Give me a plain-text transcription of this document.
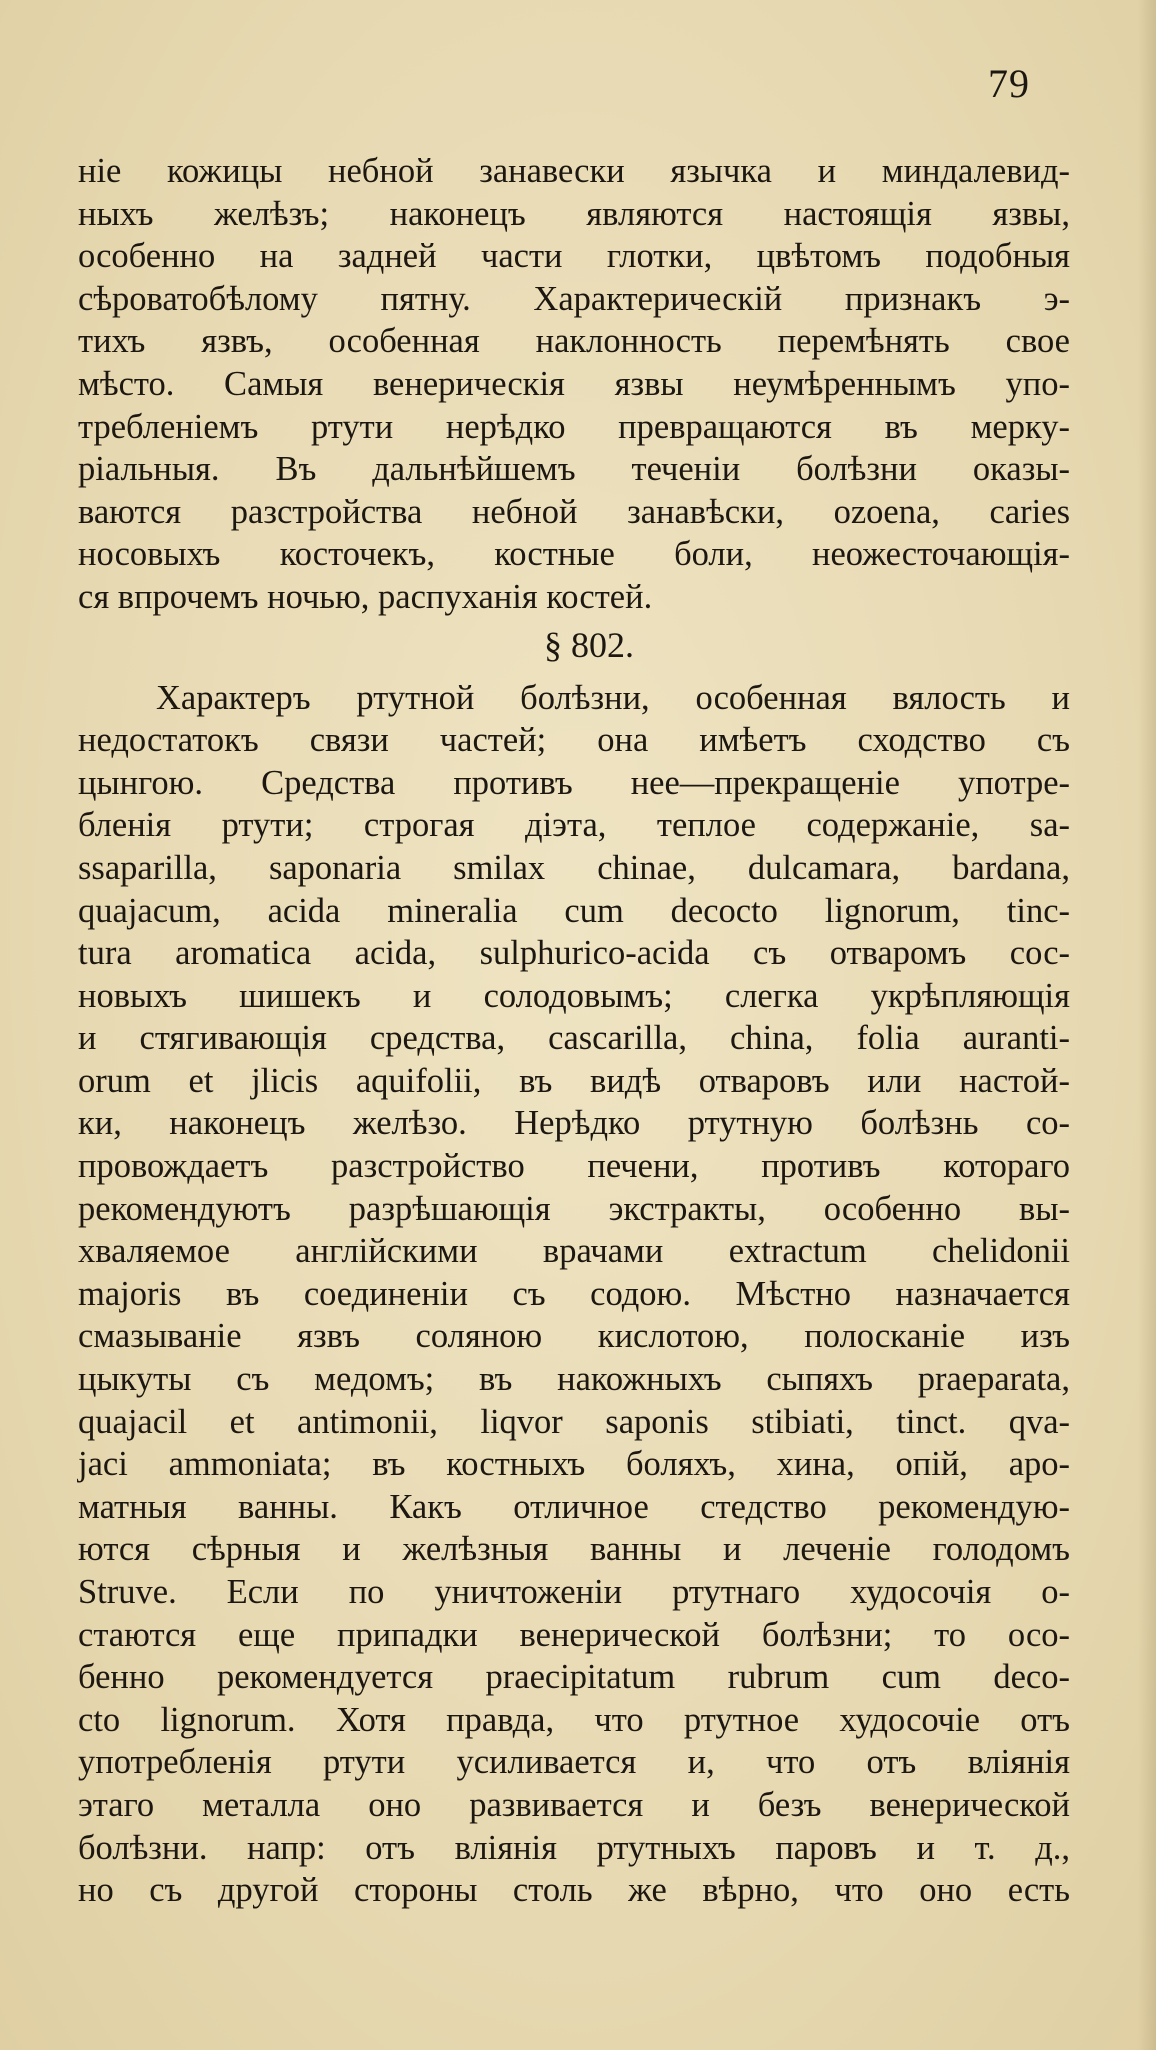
79
ніе кожицы небной занавески язычка и миндалевид-
ныхъ желѣзъ; наконецъ являются настоящія язвы,
особенно на задней части глотки, цвѣтомъ подобныя
сѣроватобѣлому пятну. Характерическій признакъ э-
тихъ язвъ, особенная наклонность перемѣнять свое
мѣсто. Самыя венерическія язвы неумѣреннымъ упо-
требленіемъ ртути нерѣдко превращаются въ мерку-
ріальныя. Въ дальнѣйшемъ теченіи болѣзни оказы-
ваются разстройства небной занавѣски, ozoena, caries
носовыхъ косточекъ, костные боли, неожесточающія-
ся впрочемъ ночью, распуханія костей.
§ 802.
Характеръ ртутной болѣзни, особенная вялость и
недостатокъ связи частей; она имѣетъ сходство съ
цынгою. Средства противъ нее—прекращеніе употре-
бленія ртути; строгая діэта, теплое содержаніе, sa-
ssaparilla, saponaria smilax chinae, dulcamara, bardana,
quajacum, acida mineralia cum decocto lignorum, tinc-
tura aromatica acida, sulphurico-acida съ отваромъ сос-
новыхъ шишекъ и солодовымъ; слегка укрѣпляющія
и стягивающія средства, cascarilla, china, folia auranti-
orum et jlicis aquifolii, въ видѣ отваровъ или настой-
ки, наконецъ желѣзо. Нерѣдко ртутную болѣзнь со-
провождаетъ разстройство печени, противъ котораго
рекомендуютъ разрѣшающія экстракты, особенно вы-
хваляемое англійскими врачами extractum chelidonii
majoris въ соединеніи съ содою. Мѣстно назначается
смазываніе язвъ соляною кислотою, полосканіе изъ
цыкуты съ медомъ; въ накожныхъ сыпяхъ praeparata,
quajacil et antimonii, liqvor saponis stibiati, tinct. qva-
jaci ammoniata; въ костныхъ боляхъ, хина, опій, аро-
матныя ванны. Какъ отличное стедство рекомендую-
ются сѣрныя и желѣзныя ванны и леченіе голодомъ
Struve. Если по уничтоженіи ртутнаго худосочія о-
стаются еще припадки венерической болѣзни; то осо-
бенно рекомендуется praecipitatum rubrum cum deco-
cto lignorum. Хотя правда, что ртутное худосочіе отъ
употребленія ртути усиливается и, что отъ вліянія
этаго металла оно развивается и безъ венерической
болѣзни. напр: отъ вліянія ртутныхъ паровъ и т. д.,
но съ другой стороны столь же вѣрно, что оно есть
